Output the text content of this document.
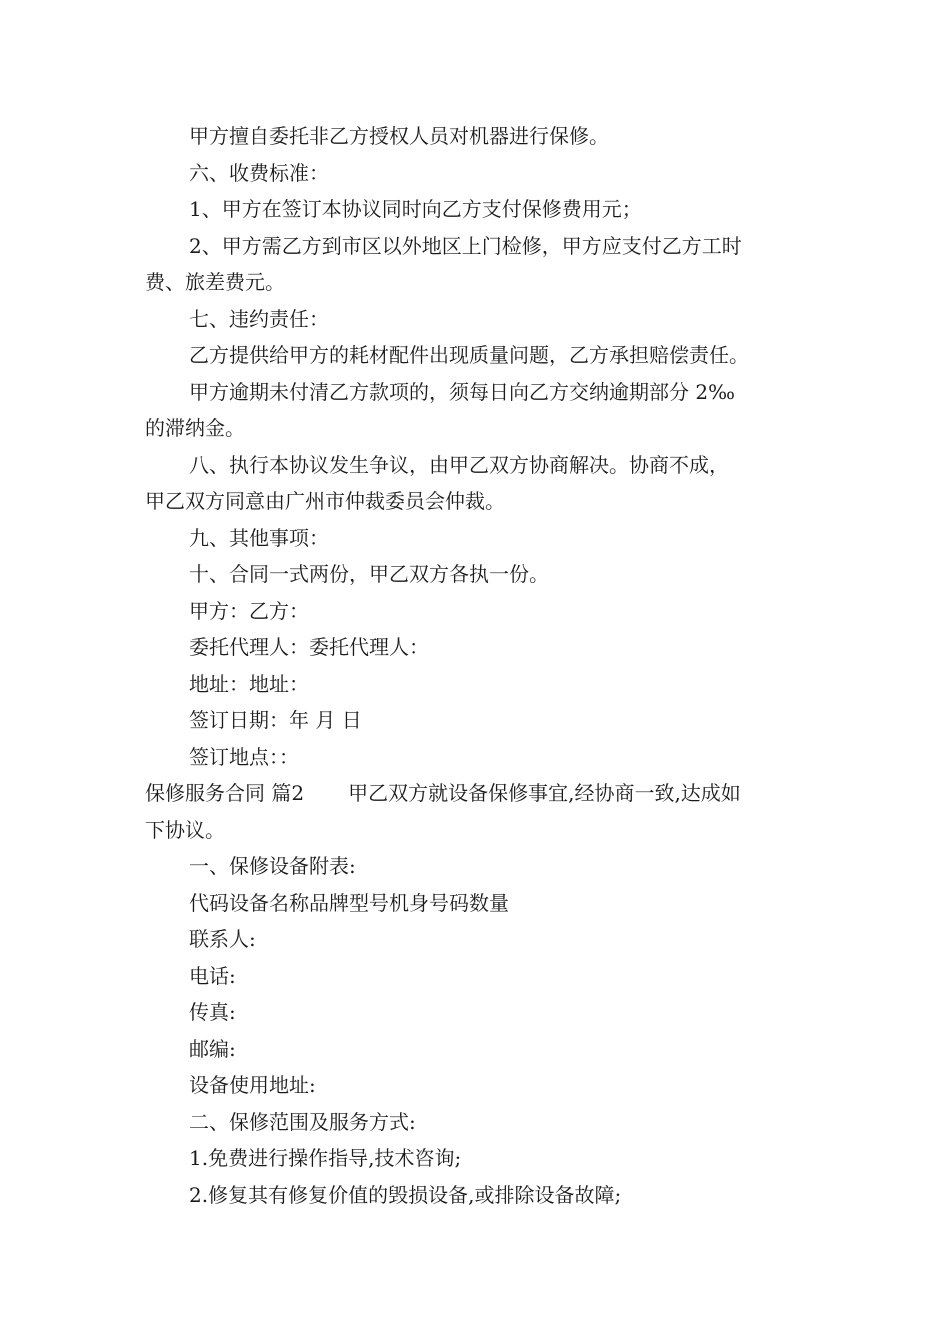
甲方擅自委托非乙方授权人员对机器进行保修。
六、收费标准：
1、甲方在签订本协议同时向乙方支付保修费用元；
2、甲方需乙方到市区以外地区上门检修，甲方应支付乙方工时
费、旅差费元。
七、违约责任：
乙方提供给甲方的耗材配件出现质量问题，乙方承担赔偿责任。
甲方逾期未付清乙方款项的，须每日向乙方交纳逾期部分 2‰
的滞纳金。
八、执行本协议发生争议，由甲乙双方协商解决。协商不成，
甲乙双方同意由广州市仲裁委员会仲裁。
九、其他事项：
十、合同一式两份，甲乙双方各执一份。
甲方：乙方：
委托代理人：委托代理人：
地址：地址：
签订日期：年 月 日
签订地点：：
保修服务合同 篇2 甲乙双方就设备保修事宜,经协商一致,达成如
下协议。
一、保修设备附表:
代码设备名称品牌型号机身号码数量
联系人:
电话:
传真:
邮编:
设备使用地址:
二、保修范围及服务方式:
1.免费进行操作指导,技术咨询;
2.修复其有修复价值的毁损设备,或排除设备故障;
